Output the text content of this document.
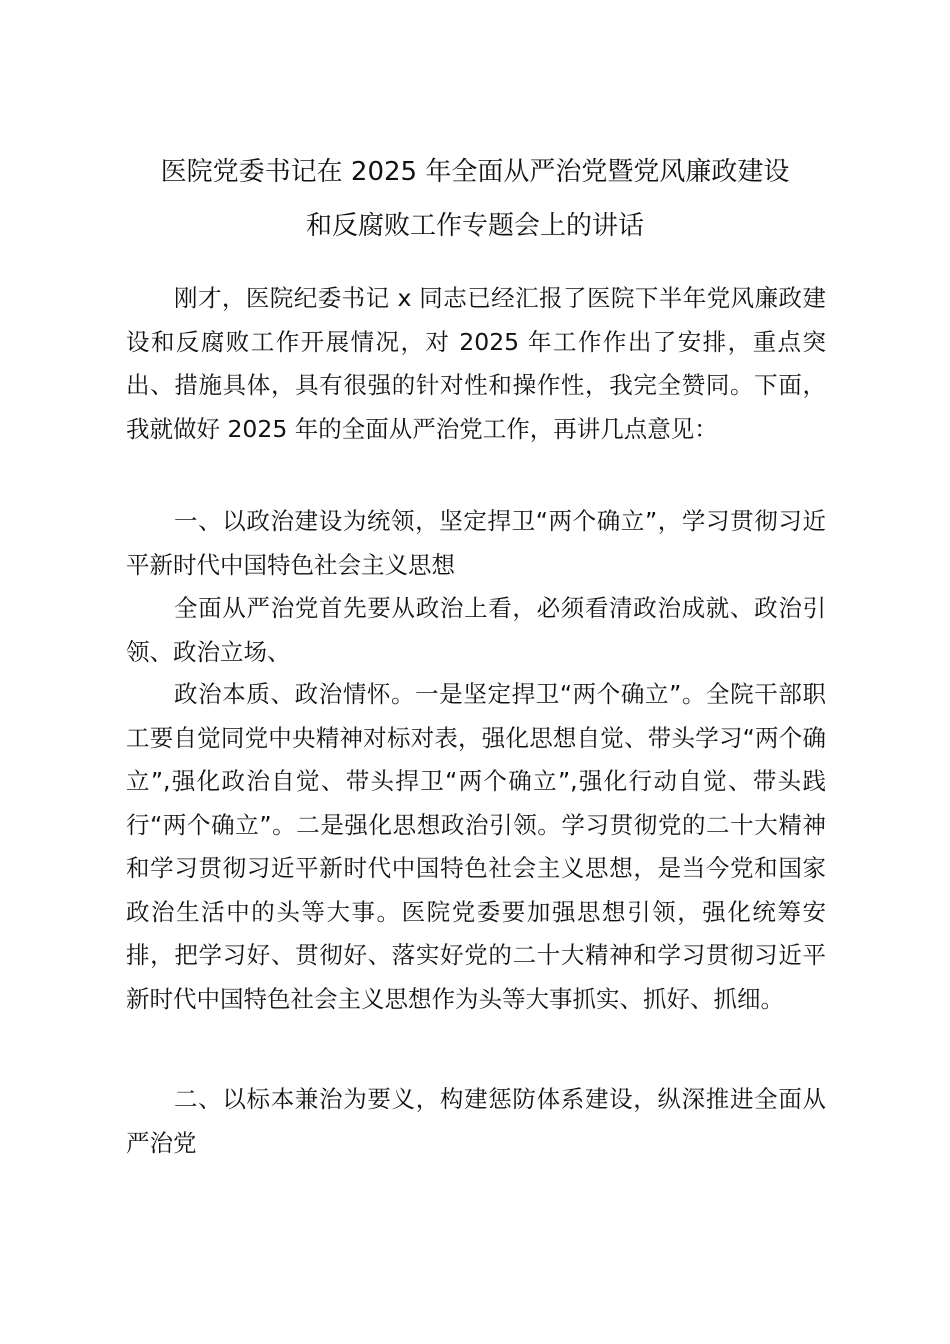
医院党委书记在 2025 年全面从严治党暨党风廉政建设
和反腐败工作专题会上的讲话
刚才，医院纪委书记 x 同志已经汇报了医院下半年党风廉政建设和反腐败工作开展情况，对 2025 年工作作出了安排，重点突出、措施具体，具有很强的针对性和操作性，我完全赞同。下面，我就做好 2025 年的全面从严治党工作，再讲几点意见：
一、以政治建设为统领，坚定捍卫“两个确立”，学习贯彻习近平新时代中国特色社会主义思想
全面从严治党首先要从政治上看，必须看清政治成就、政治引领、政治立场、
政治本质、政治情怀。一是坚定捍卫“两个确立”。全院干部职工要自觉同党中央精神对标对表，强化思想自觉、带头学习“两个确立”,强化政治自觉、带头捍卫“两个确立”,强化行动自觉、带头践行“两个确立”。二是强化思想政治引领。学习贯彻党的二十大精神和学习贯彻习近平新时代中国特色社会主义思想，是当今党和国家政治生活中的头等大事。医院党委要加强思想引领，强化统筹安排，把学习好、贯彻好、落实好党的二十大精神和学习贯彻习近平新时代中国特色社会主义思想作为头等大事抓实、抓好、抓细。
二、以标本兼治为要义，构建惩防体系建设，纵深推进全面从严治党
